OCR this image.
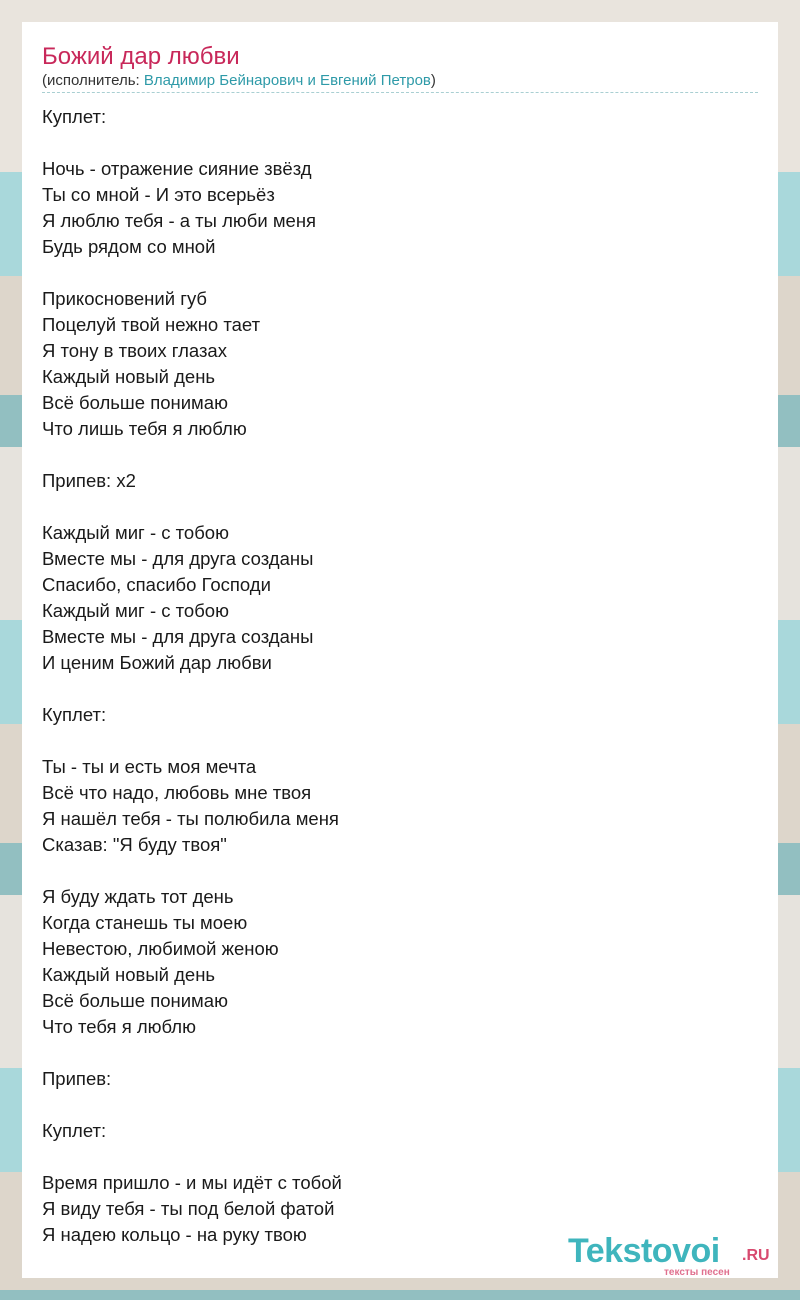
Божий дар любви
(исполнитель: Владимир Бейнарович и Евгений Петров)
Куплет:
Ночь - отражение сияние звёзд
Ты со мной - И это всерьёз
Я люблю тебя - а ты люби меня
Будь рядом со мной
Прикосновений губ
Поцелуй твой нежно тает
Я тону в твоих глазах
Каждый новый день
Всё больше понимаю
Что лишь тебя я люблю
Припев: x2
Каждый миг - с тобою
Вместе мы - для друга созданы
Спасибо, спасибо Господи
Каждый миг - с тобою
Вместе мы - для друга созданы
И ценим Божий дар любви
Куплет:
Ты - ты и есть моя мечта
Всё что надо, любовь мне твоя
Я нашёл тебя - ты полюбила меня
Сказав: "Я буду твоя"
Я буду ждать тот день
Когда станешь ты моею
Невестою, любимой женою
Каждый новый день
Всё больше понимаю
Что тебя я люблю
Припев:
Куплет:
Время пришло - и мы идёт с тобой
Я виду тебя - ты под белой фатой
Я надею кольцо - на руку твою	Tekstovoi .RU
тексты песен
